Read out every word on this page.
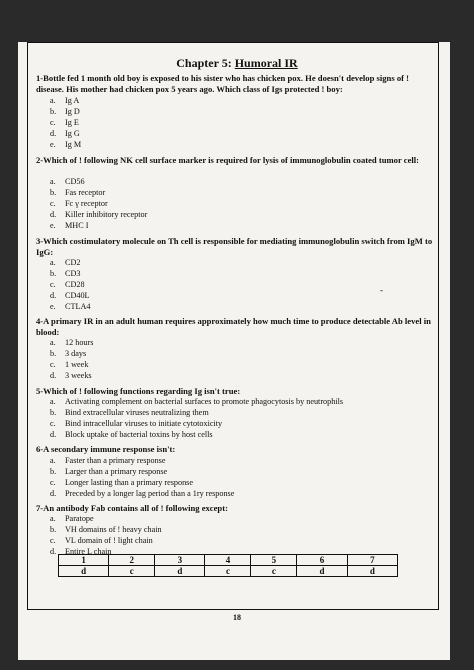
Chapter 5: Humoral IR
1-Bottle fed 1 month old boy is exposed to his sister who has chicken pox. He doesn't develop signs of ! disease. His mother had chicken pox 5 years ago. Which class of Igs protected ! boy:
a. Ig A
b. Ig D
c. Ig E
d. Ig G
e. Ig M
2-Which of ! following NK cell surface marker is required for lysis of immunoglobulin coated tumor cell:
a. CD56
b. Fas receptor
c. Fc γ receptor
d. Killer inhibitory receptor
e. MHC I
3-Which costimulatory molecule on Th cell is responsible for mediating immunoglobulin switch from IgM to IgG:
a. CD2
b. CD3
c. CD28
d. CD40L
e. CTLA4
-
4-A primary IR in an adult human requires approximately how much time to produce detectable Ab level in blood:
a. 12 hours
b. 3 days
c. 1 week
d. 3 weeks
5-Which of ! following functions regarding Ig isn't true:
a. Activating complement on bacterial surfaces to promote phagocytosis by neutrophils
b. Bind extracellular viruses neutralizing them
c. Bind intracellular viruses to initiate cytotoxicity
d. Block uptake of bacterial toxins by host cells
6-A secondary immune response isn't:
a. Faster than a primary response
b. Larger than a primary response
c. Longer lasting than a primary response
d. Preceded by a longer lag period than a 1ry response
7-An antibody Fab contains all of ! following except:
a. Paratope
b. VH domains of ! heavy chain
c. VL domain of ! light chain
d. Entire L chain
1	2	3	4	5	6	7
d	c	d	c	c	d	d
18
